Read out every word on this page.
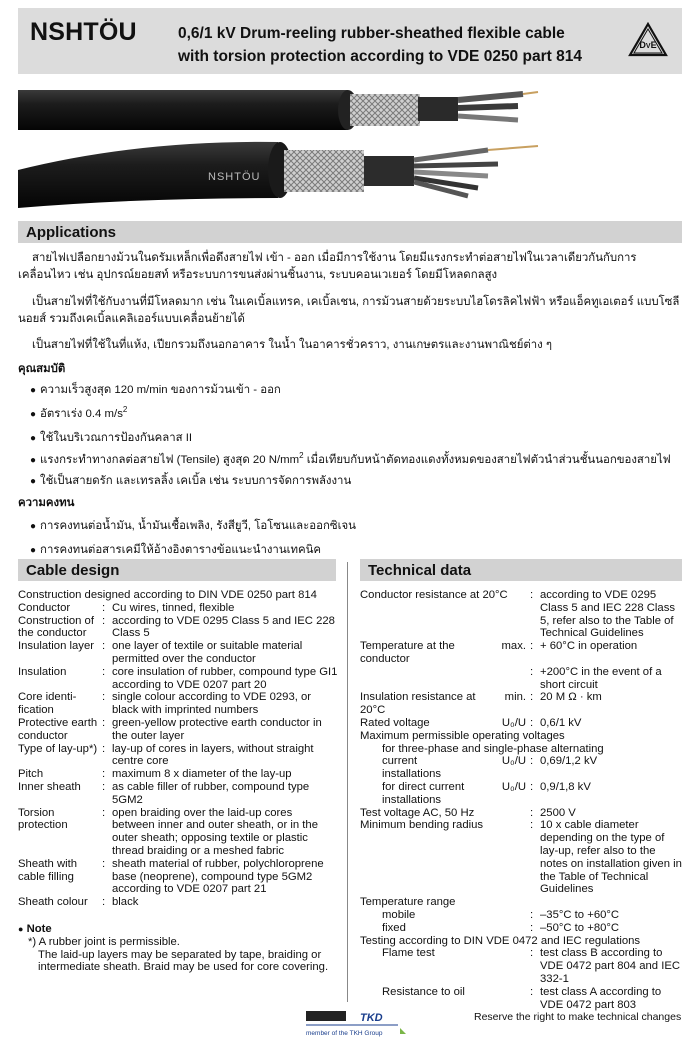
NSHTÖU	0,6/1 kV Drum-reeling rubber-sheathed flexible cable
with torsion protection according to VDE 0250 part 814
DVE
NSHTÖU
Applications
สายไฟเปลือกยางม้วนในดรัมเหล็กเพื่อดึงสายไฟ เข้า - ออก เมื่อมีการใช้งาน โดยมีแรงกระทำต่อสายไฟในเวลาเดียวกันกับการเคลื่อนไหว เช่น อุปกรณ์ยอยสท์ หรือระบบการขนส่งผ่านชิ้นงาน, ระบบคอนเวเยอร์ โดยมีโหลดกลสูง
เป็นสายไฟที่ใช้กับงานที่มีโหลดมาก เช่น ในเคเบิ้ลแทรค, เคเบิ้ลเชน, การม้วนสายด้วยระบบไฮโดรลิคไฟฟ้า หรือแอ็คทูเอเตอร์ แบบโซลีนอยส์ รวมถึงเคเบิ้ลแคลิเออร์แบบเคลื่อนย้ายได้
เป็นสายไฟที่ใช้ในที่แห้ง, เปียกรวมถึงนอกอาคาร ในน้ำ ในอาคารชั่วคราว, งานเกษตรและงานพาณิชย์ต่าง ๆ
คุณสมบัติ
● ความเร็วสูงสุด 120 m/min ของการม้วนเข้า - ออก
● อัตราเร่ง 0.4 $m/s^2$
● ใช้ในบริเวณการป้องกันคลาส II
● แรงกระทำทางกลต่อสายไฟ (Tensile) สูงสุด 20 $N/mm^2$ เมื่อเทียบกับหน้าตัดทองแดงทั้งหมดของสายไฟตัวนำส่วนชั้นนอกของสายไฟ
● ใช้เป็นสายดรัก และเทรลลิ้ง เคเบิ้ล เช่น ระบบการจัดการพลังงาน
ความคงทน
● การคงทนต่อน้ำมัน, น้ำมันเชื้อเพลิง, รังสียูวี, โอโซนและออกซิเจน
● การคงทนต่อสารเคมีให้อ้างอิงตารางข้อแนะนำงานเทคนิค
Cable design	Technical data
Construction designed according to DIN VDE 0250 part 814
Conductor	: Cu wires, tinned, flexible
Construction of the conductor
: according to VDE 0295 Class 5 and IEC 228 Class 5
Insulation layer : one layer of textile or suitable material permitted over the conductor
Insulation	: core insulation of rubber, compound type GI1 according to VDE 0207 part 20
Core identi- fication
: single colour according to VDE 0293, or black with imprinted numbers
Protective earth conductor
: green-yellow protective earth conductor in the outer layer
Type of lay-up*) : lay-up of cores in layers, without straight centre core
Pitch	: maximum 8 x diameter of the lay-up
Inner sheath	: as cable filler of rubber, compound type 5GM2
Torsion protection
: open braiding over the laid-up cores between inner and outer sheath, or in the outer sheath; opposing textile or plastic thread braiding or a meshed fabric
Sheath with cable filling
: sheath material of rubber, polychloroprene base (neoprene), compound type 5GM2 according to VDE 0207 part 21
Sheath colour	: black
● Note
*) A rubber joint is permissible.
The laid-up layers may be separated by tape, braiding or intermediate sheath. Braid may be used for core covering.
Conductor resistance at 20°C	: according to VDE 0295 Class 5 and IEC 228 Class 5, refer also to the Table of Technical Guidelines
Temperature at the conductor
max. : + 60°C in operation
: +200°C in the event of a short circuit
Insulation resistance at 20°C
min. : 20 M Ω · km
Rated voltage	U₀/U : 0,6/1 kV
Maximum permissible operating voltages
for three-phase and single-phase alternating
current installations
U₀/U : 0,69/1,2 kV
for direct current installations
U₀/U : 0,9/1,8 kV
Test voltage AC, 50 Hz	: 2500 V
Minimum bending radius	: 10 x cable diameter depending on the type of lay-up, refer also to the notes on installation given in the Table of Technical Guidelines
Temperature range
mobile	: –35°C to +60°C
fixed	: –50°C to +80°C
Testing according to DIN VDE 0472 and IEC regulations
Flame test	: test class B according to VDE 0472 part 804 and IEC 332-1
Resistance to oil	: test class A according to VDE 0472 part 803
TKD
member of the TKH Group
Reserve the right to make technical changes
